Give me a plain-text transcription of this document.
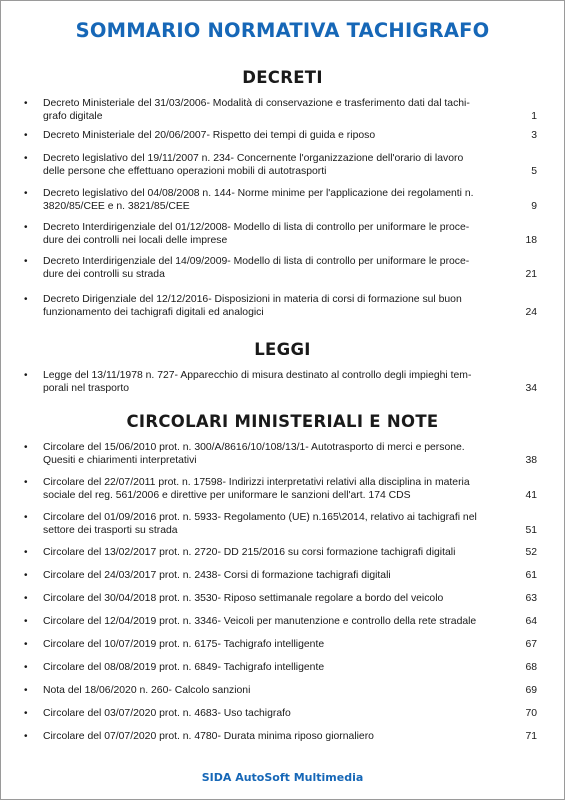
SOMMARIO NORMATIVA TACHIGRAFO
DECRETI
• Decreto Ministeriale del 31/03/2006- Modalità di conservazione e trasferimento dati dal tachi-
grafo digitale	1
• Decreto Ministeriale del 20/06/2007- Rispetto dei tempi di guida e riposo	3
• Decreto legislativo del 19/11/2007 n. 234- Concernente l'organizzazione dell'orario di lavoro
delle persone che effettuano operazioni mobili di autotrasporti	5
• Decreto legislativo del 04/08/2008 n. 144- Norme minime per l'applicazione dei regolamenti n.
3820/85/CEE e n. 3821/85/CEE	9
• Decreto Interdirigenziale del 01/12/2008- Modello di lista di controllo per uniformare le proce-
dure dei controlli nei locali delle imprese	18
• Decreto Interdirigenziale del 14/09/2009- Modello di lista di controllo per uniformare le proce-
dure dei controlli su strada	21
• Decreto Dirigenziale del 12/12/2016- Disposizioni in materia di corsi di formazione sul buon
funzionamento dei tachigrafi digitali ed analogici	24
LEGGI
• Legge del 13/11/1978 n. 727- Apparecchio di misura destinato al controllo degli impieghi tem-
porali nel trasporto	34
CIRCOLARI MINISTERIALI E NOTE
• Circolare del 15/06/2010 prot. n. 300/A/8616/10/108/13/1- Autotrasporto di merci e persone.
Quesiti e chiarimenti interpretativi	38
• Circolare del 22/07/2011 prot. n. 17598- Indirizzi interpretativi relativi alla disciplina in materia
sociale del reg. 561/2006 e direttive per uniformare le sanzioni dell'art. 174 CDS	41
• Circolare del 01/09/2016 prot. n. 5933- Regolamento (UE) n.165\2014, relativo ai tachigrafi nel
settore dei trasporti su strada	51
• Circolare del 13/02/2017 prot. n. 2720- DD 215/2016 su corsi formazione tachigrafi digitali	52
• Circolare del 24/03/2017 prot. n. 2438- Corsi di formazione tachigrafi digitali	61
• Circolare del 30/04/2018 prot. n. 3530- Riposo settimanale regolare a bordo del veicolo	63
• Circolare del 12/04/2019 prot. n. 3346- Veicoli per manutenzione e controllo della rete stradale	64
• Circolare del 10/07/2019 prot. n. 6175- Tachigrafo intelligente	67
• Circolare del 08/08/2019 prot. n. 6849- Tachigrafo intelligente	68
• Nota del 18/06/2020 n. 260- Calcolo sanzioni	69
• Circolare del 03/07/2020 prot. n. 4683- Uso tachigrafo	70
• Circolare del 07/07/2020 prot. n. 4780- Durata minima riposo giornaliero	71

SIDA AutoSoft Multimedia
